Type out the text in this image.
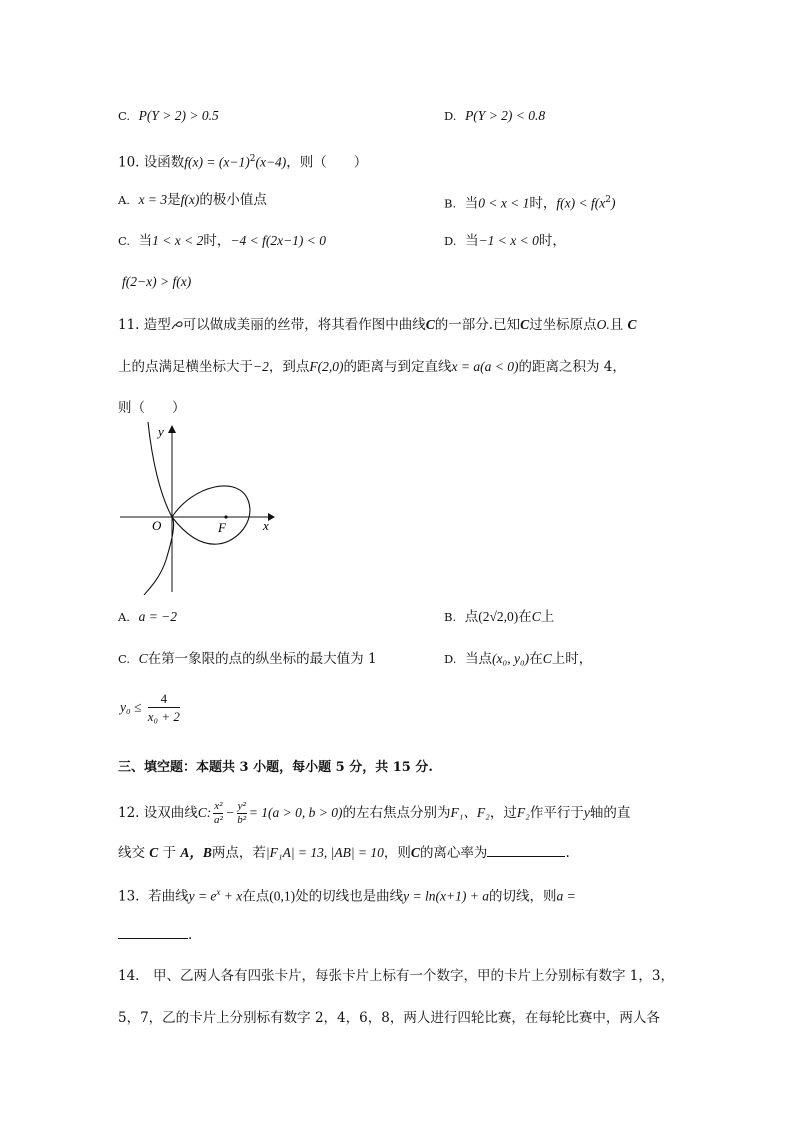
C. P(Y > 2) > 0.5	D. P(Y > 2) < 0.8
10. 设函数$f(x) = (x-1)^2(x-4)$，则（　　）
A. x = 3是f(x)的极小值点	B. 当0 < x < 1时，$f(x) < f(x^2)$
C. 当1 < x < 2时，−4 < f(2x−1) < 0	D. 当−1 < x < 0时，
f(2−x) > f(x)
11. 造型 可以做成美丽的丝带，将其看作图中曲线C的一部分.已知C过坐标原点O.且 C
上的点满足横坐标大于−2，到点F(2,0)的距离与到定直线x = a(a < 0)的距离之积为 4，
则（　　）
y
x
O	F
A. a = −2	B. 点(2√2,0)在C上
C. C在第一象限的点的纵坐标的最大值为 1	D. 当点(x₀, y₀)在C上时，
$y_0 \le \frac{4}{\text{x₀ + 2}}$
三、填空题：本题共 3 小题，每小题 5 分，共 15 分.
12. 设双曲线C: $\frac{\text{x²}}{\text{a²}} - \frac{\text{y²}}{\text{b²}} = 1(a > 0$, b > 0)的左右焦点分别为F₁、F₂，过F₂作平行于y轴的直
线交 C 于 A，B两点，若|F₁A| = 13, |AB| = 10，则C的离心率为	.
13. 若曲线$y = e^x + x$在点(0,1)处的切线也是曲线y = ln(x+1) + a的切线，则a =
.
14.　甲、乙两人各有四张卡片，每张卡片上标有一个数字，甲的卡片上分别标有数字 1，3，
5，7，乙的卡片上分别标有数字 2，4，6，8，两人进行四轮比赛，在每轮比赛中，两人各
